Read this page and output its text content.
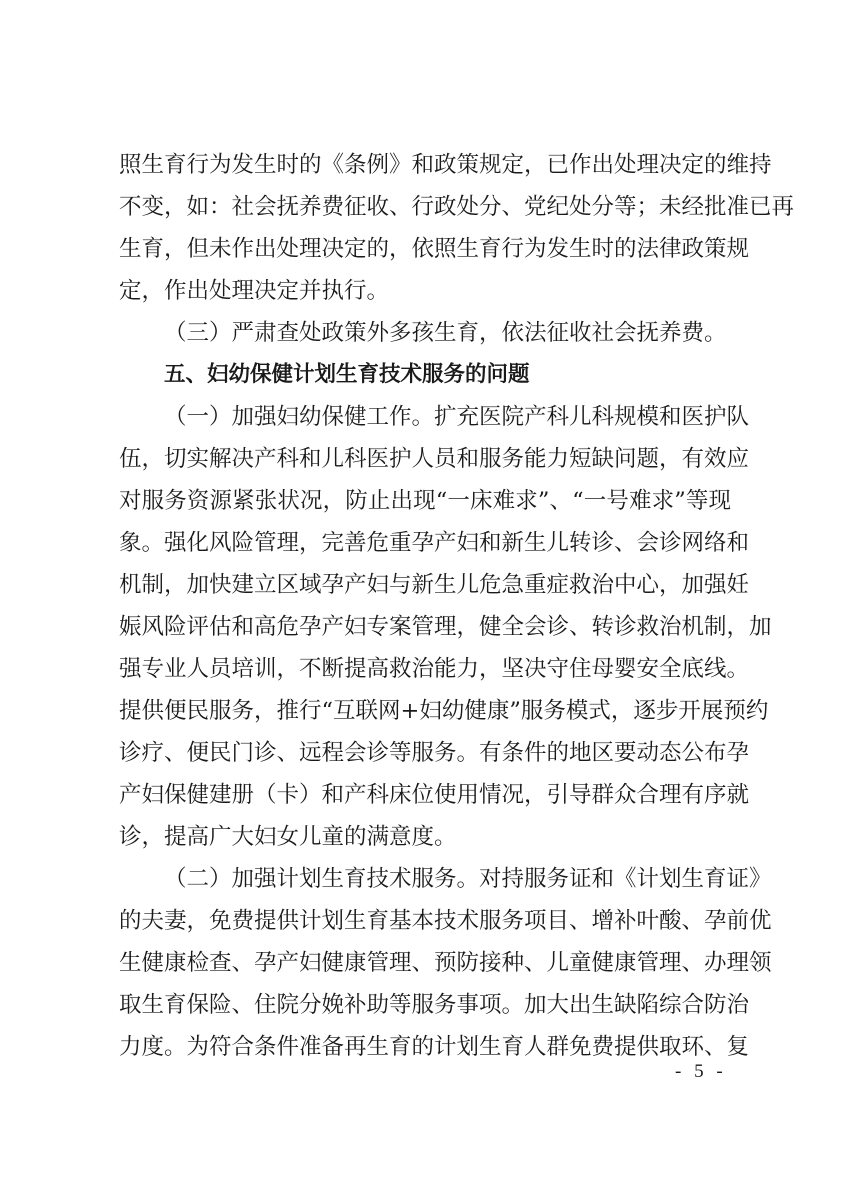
照生育行为发生时的《条例》和政策规定，已作出处理决定的维持
不变，如：社会抚养费征收、行政处分、党纪处分等；未经批准已再
生育，但未作出处理决定的，依照生育行为发生时的法律政策规
定，作出处理决定并执行。
（三）严肃查处政策外多孩生育，依法征收社会抚养费。
五、妇幼保健计划生育技术服务的问题
（一）加强妇幼保健工作。扩充医院产科儿科规模和医护队
伍，切实解决产科和儿科医护人员和服务能力短缺问题，有效应
对服务资源紧张状况，防止出现“一床难求”、“一号难求”等现
象。强化风险管理，完善危重孕产妇和新生儿转诊、会诊网络和
机制，加快建立区域孕产妇与新生儿危急重症救治中心，加强妊
娠风险评估和高危孕产妇专案管理，健全会诊、转诊救治机制，加
强专业人员培训，不断提高救治能力，坚决守住母婴安全底线。
提供便民服务，推行“互联网+妇幼健康”服务模式，逐步开展预约
诊疗、便民门诊、远程会诊等服务。有条件的地区要动态公布孕
产妇保健建册（卡）和产科床位使用情况，引导群众合理有序就
诊，提高广大妇女儿童的满意度。
（二）加强计划生育技术服务。对持服务证和《计划生育证》
的夫妻，免费提供计划生育基本技术服务项目、增补叶酸、孕前优
生健康检查、孕产妇健康管理、预防接种、儿童健康管理、办理领
取生育保险、住院分娩补助等服务事项。加大出生缺陷综合防治
力度。为符合条件准备再生育的计划生育人群免费提供取环、复
- 5 -
